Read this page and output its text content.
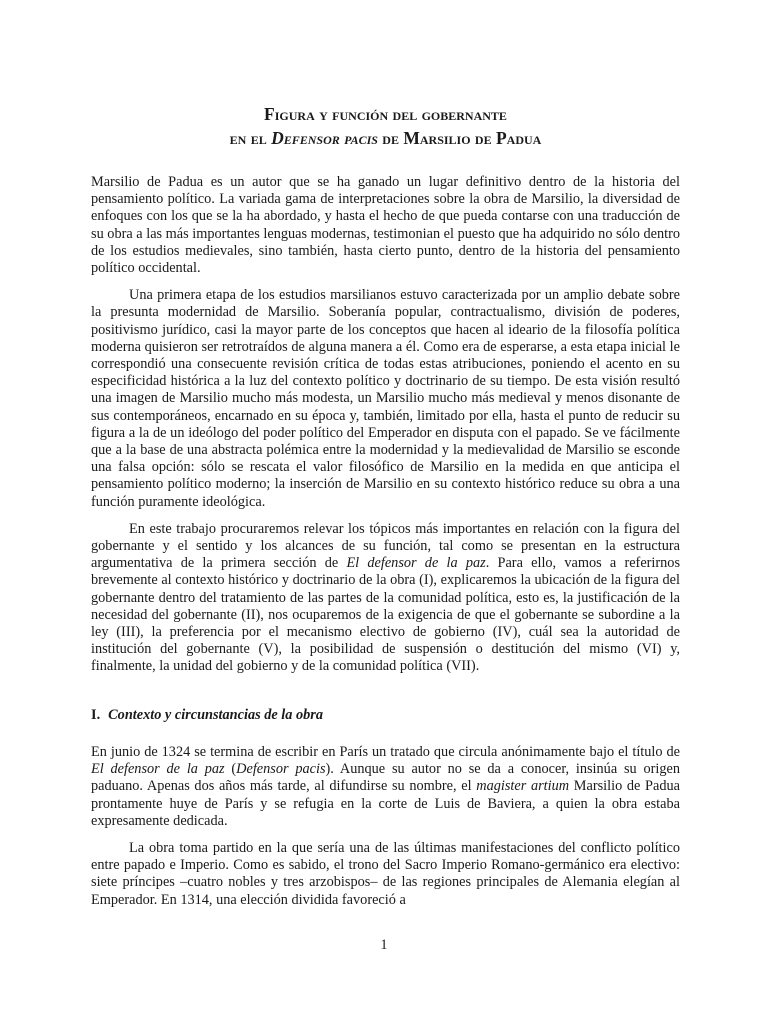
Figura y función del gobernante
en el Defensor pacis de Marsilio de Padua

Marsilio de Padua es un autor que se ha ganado un lugar definitivo dentro de la historia del pensamiento político. La variada gama de interpretaciones sobre la obra de Marsilio, la diversidad de enfoques con los que se la ha abordado, y hasta el hecho de que pueda contarse con una traducción de su obra a las más importantes lenguas modernas, testimonian el puesto que ha adquirido no sólo dentro de los estudios medievales, sino también, hasta cierto punto, dentro de la historia del pensamiento político occidental.

Una primera etapa de los estudios marsilianos estuvo caracterizada por un amplio debate sobre la presunta modernidad de Marsilio. Soberanía popular, contractualismo, división de poderes, positivismo jurídico, casi la mayor parte de los conceptos que hacen al ideario de la filosofía política moderna quisieron ser retrotraídos de alguna manera a él. Como era de esperarse, a esta etapa inicial le correspondió una consecuente revisión crítica de todas estas atribuciones, poniendo el acento en su especificidad histórica a la luz del contexto político y doctrinario de su tiempo. De esta visión resultó una imagen de Marsilio mucho más modesta, un Marsilio mucho más medieval y menos disonante de sus contemporáneos, encarnado en su época y, también, limitado por ella, hasta el punto de reducir su figura a la de un ideólogo del poder político del Emperador en disputa con el papado. Se ve fácilmente que a la base de una abstracta polémica entre la modernidad y la medievalidad de Marsilio se esconde una falsa opción: sólo se rescata el valor filosófico de Marsilio en la medida en que anticipa el pensamiento político moderno; la inserción de Marsilio en su contexto histórico reduce su obra a una función puramente ideológica.

En este trabajo procuraremos relevar los tópicos más importantes en relación con la figura del gobernante y el sentido y los alcances de su función, tal como se presentan en la estructura argumentativa de la primera sección de El defensor de la paz. Para ello, vamos a referirnos brevemente al contexto histórico y doctrinario de la obra (I), explicaremos la ubicación de la figura del gobernante dentro del tratamiento de las partes de la comunidad política, esto es, la justificación de la necesidad del gobernante (II), nos ocuparemos de la exigencia de que el gobernante se subordine a la ley (III), la preferencia por el mecanismo electivo de gobierno (IV), cuál sea la autoridad de institución del gobernante (V), la posibilidad de suspensión o destitución del mismo (VI) y, finalmente, la unidad del gobierno y de la comunidad política (VII).

I. Contexto y circunstancias de la obra

En junio de 1324 se termina de escribir en París un tratado que circula anónimamente bajo el título de El defensor de la paz (Defensor pacis). Aunque su autor no se da a conocer, insinúa su origen paduano. Apenas dos años más tarde, al difundirse su nombre, el magister artium Marsilio de Padua prontamente huye de París y se refugia en la corte de Luis de Baviera, a quien la obra estaba expresamente dedicada.

La obra toma partido en la que sería una de las últimas manifestaciones del conflicto político entre papado e Imperio. Como es sabido, el trono del Sacro Imperio Romano-germánico era electivo: siete príncipes –cuatro nobles y tres arzobispos– de las regiones principales de Alemania elegían al Emperador. En 1314, una elección dividida favoreció a

1
